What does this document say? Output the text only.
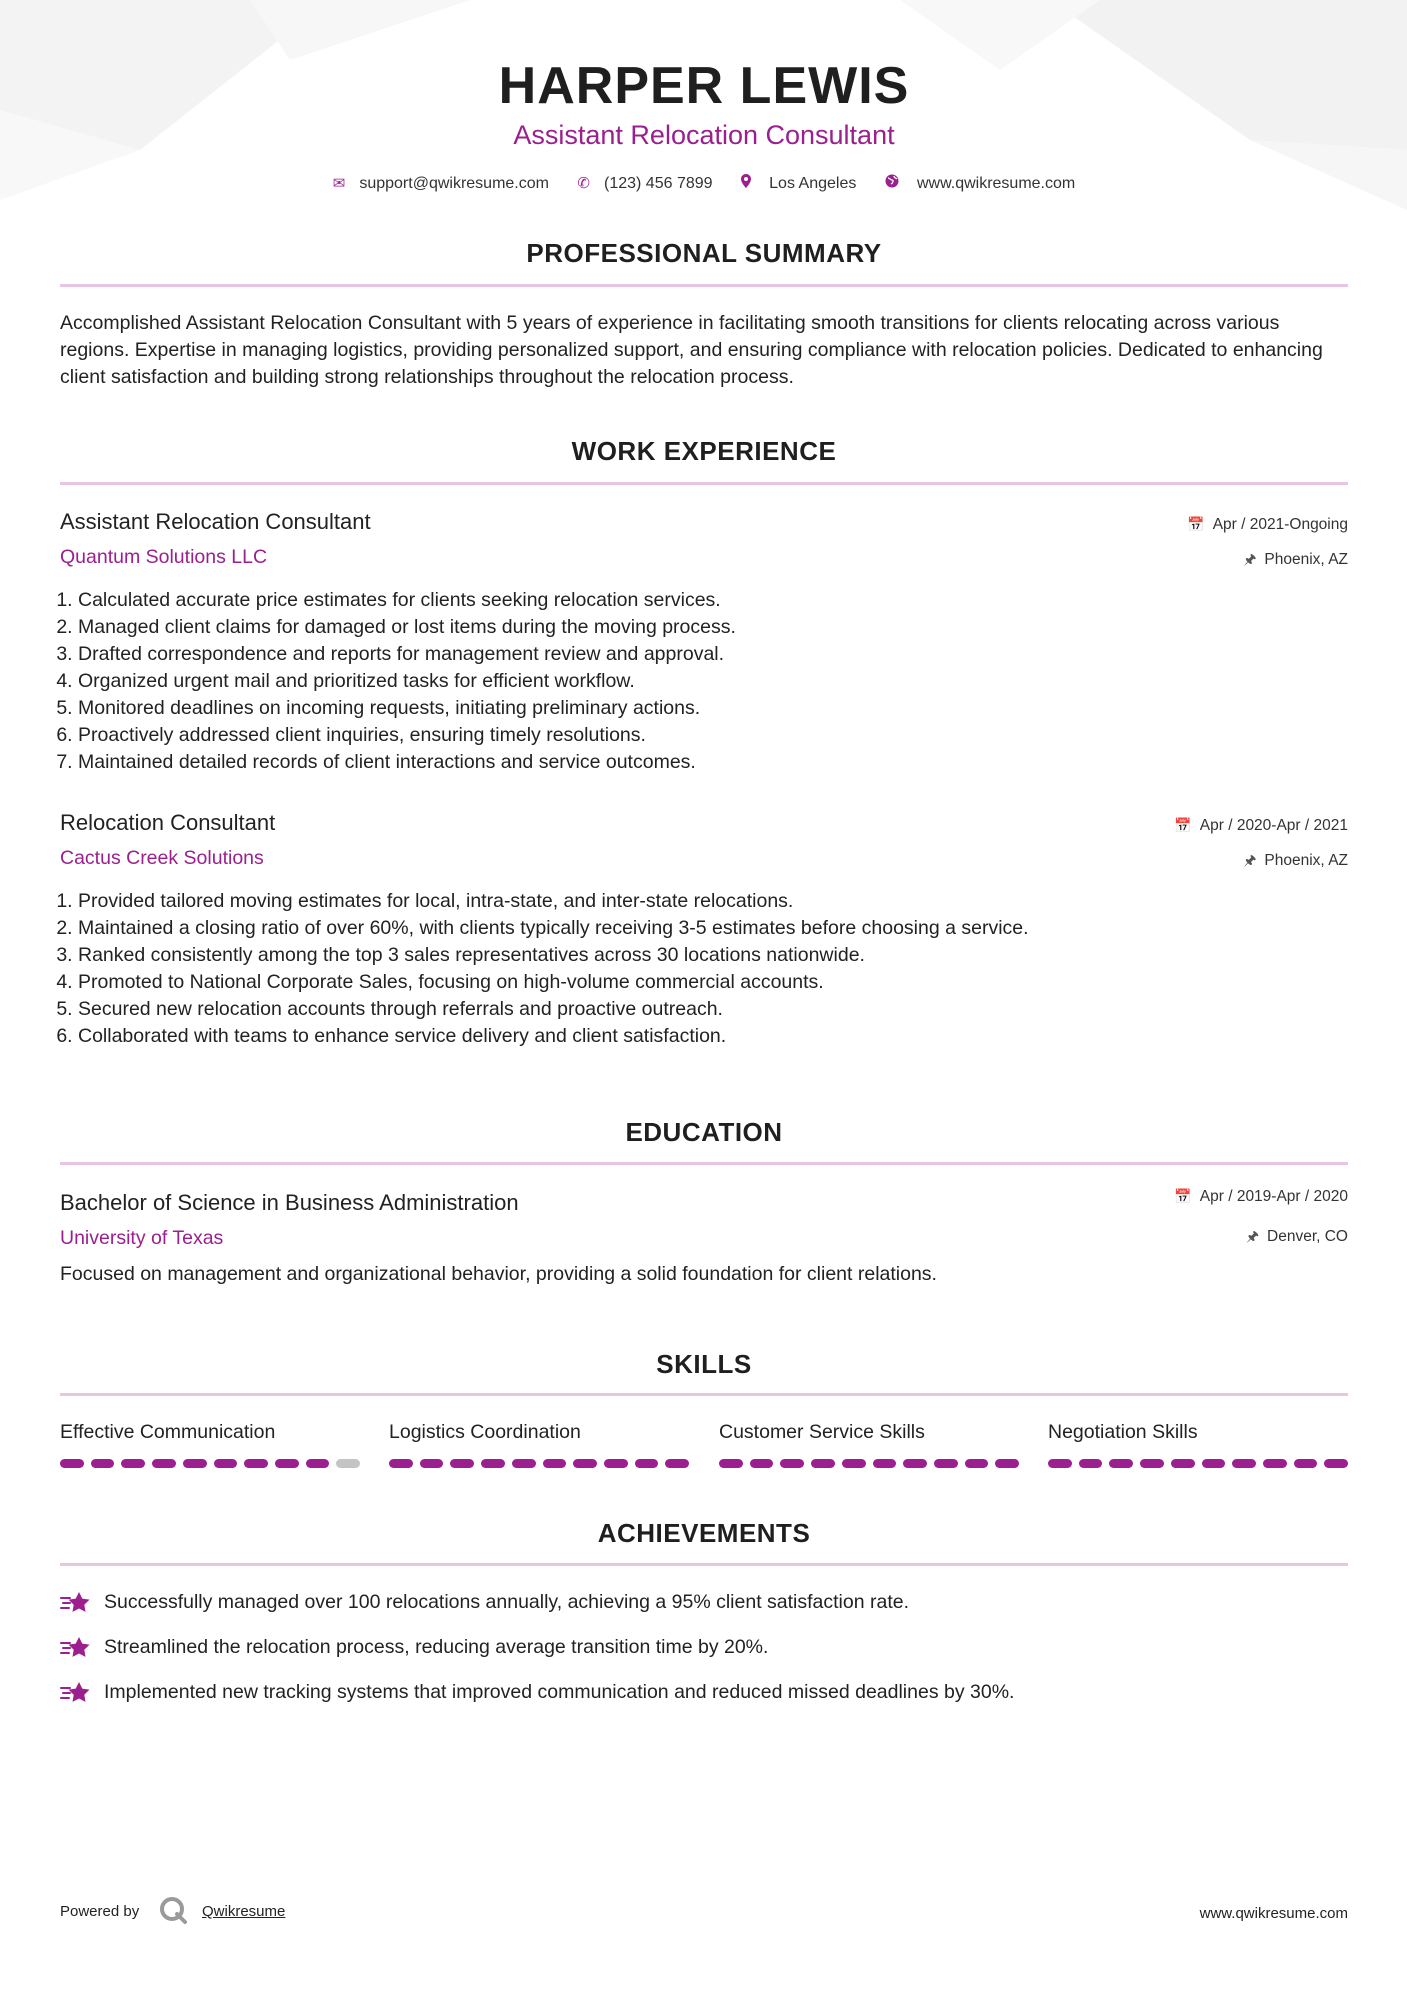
HARPER LEWIS
Assistant Relocation Consultant
✉ support@qwikresume.com ✆ (123) 456 7899	Los Angeles	www.qwikresume.com
PROFESSIONAL SUMMARY
Accomplished Assistant Relocation Consultant with 5 years of experience in facilitating smooth transitions for clients relocating across various regions. Expertise in managing logistics, providing personalized support, and ensuring compliance with relocation policies. Dedicated to enhancing client satisfaction and building strong relationships throughout the relocation process.
WORK EXPERIENCE
Assistant Relocation Consultant
Quantum Solutions LLC
📅 Apr / 2021-Ongoing
🖈 Phoenix, AZ
1. Calculated accurate price estimates for clients seeking relocation services.
2. Managed client claims for damaged or lost items during the moving process.
3. Drafted correspondence and reports for management review and approval.
4. Organized urgent mail and prioritized tasks for efficient workflow.
5. Monitored deadlines on incoming requests, initiating preliminary actions.
6. Proactively addressed client inquiries, ensuring timely resolutions.
7. Maintained detailed records of client interactions and service outcomes.
Relocation Consultant
Cactus Creek Solutions
📅 Apr / 2020-Apr / 2021
🖈 Phoenix, AZ
1. Provided tailored moving estimates for local, intra-state, and inter-state relocations.
2. Maintained a closing ratio of over 60%, with clients typically receiving 3-5 estimates before choosing a service.
3. Ranked consistently among the top 3 sales representatives across 30 locations nationwide.
4. Promoted to National Corporate Sales, focusing on high-volume commercial accounts.
5. Secured new relocation accounts through referrals and proactive outreach.
6. Collaborated with teams to enhance service delivery and client satisfaction.
EDUCATION
Bachelor of Science in Business Administration
University of Texas
📅 Apr / 2019-Apr / 2020
🖈 Denver, CO
Focused on management and organizational behavior, providing a solid foundation for client relations.
SKILLS
Effective Communication	Logistics Coordination	Customer Service Skills	Negotiation Skills
ACHIEVEMENTS
Successfully managed over 100 relocations annually, achieving a 95% client satisfaction rate.
Streamlined the relocation process, reducing average transition time by 20%.
Implemented new tracking systems that improved communication and reduced missed deadlines by 30%.
Powered by	Qwikresume	www.qwikresume.com
